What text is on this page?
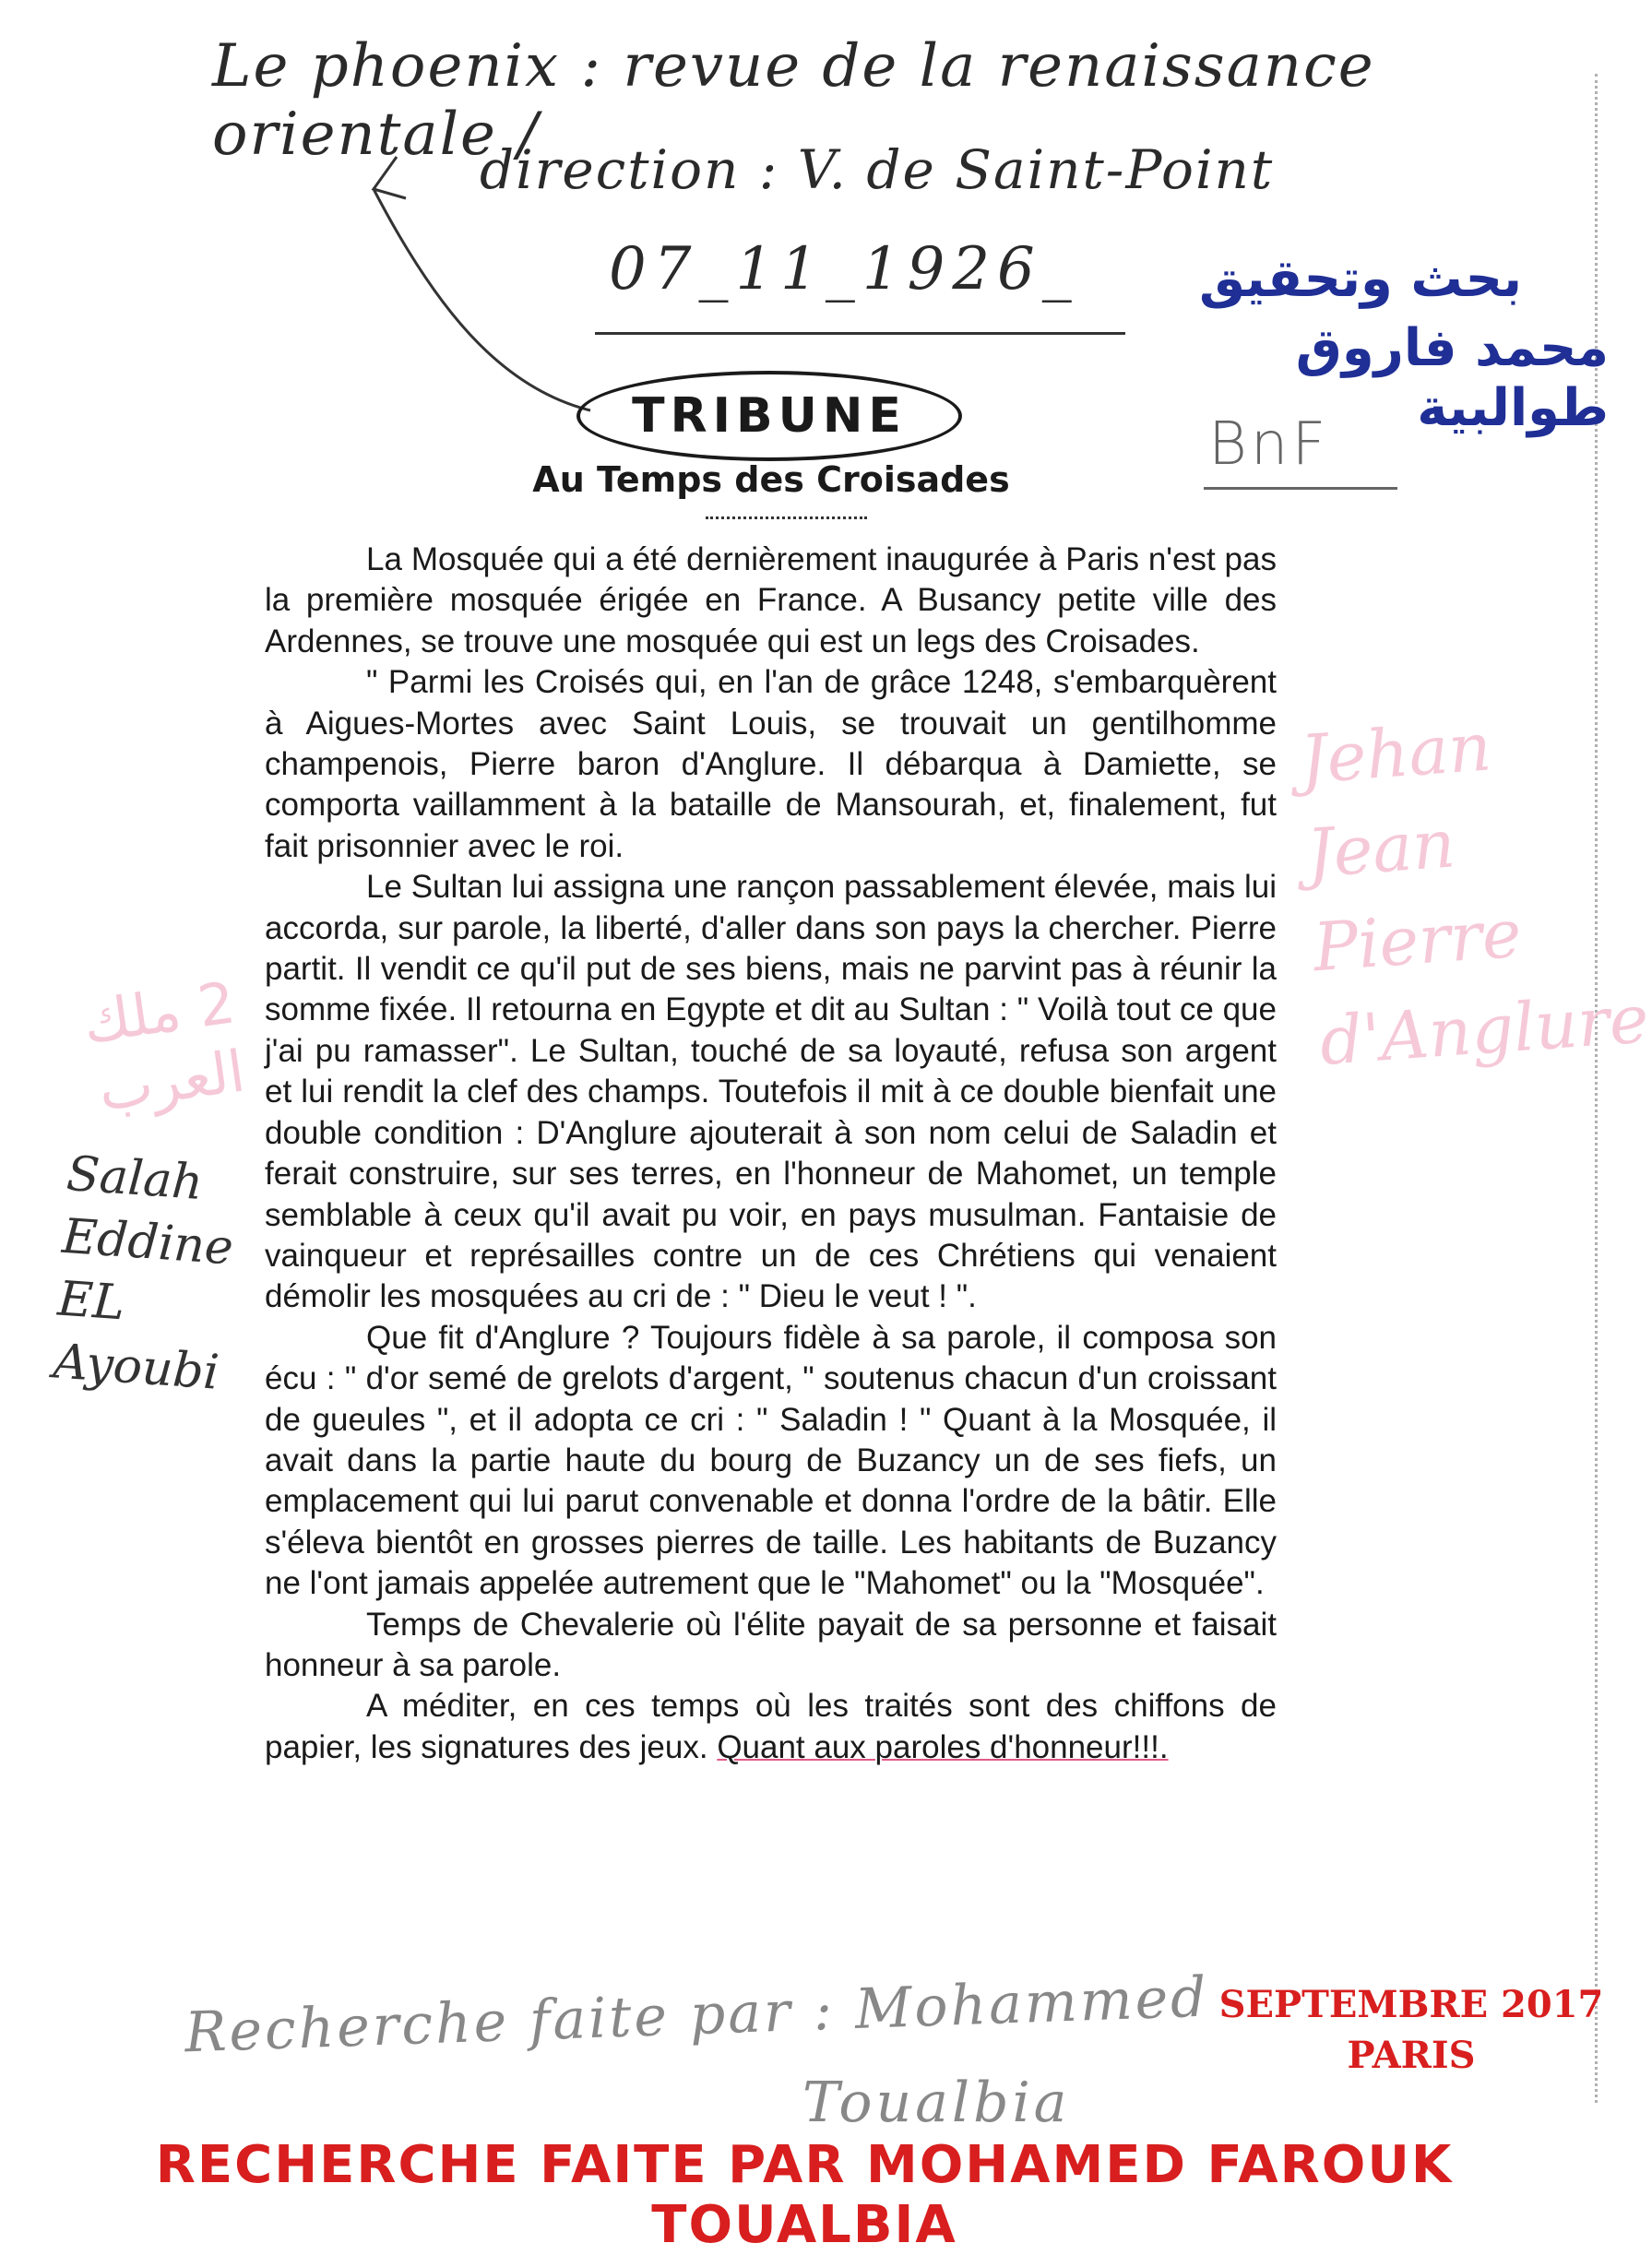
Le phoenix : revue de la renaissance orientale /
direction : V. de Saint-Point
07_11_1926_ بحث وتحقيق
محمد فاروق طوالبية
BnF
TRIBUNE
Au Temps des Croisades
Jehan
Jean
Pierre
d'Anglure
2 ملك
العرب
Salah
Eddine
EL
Ayoubi

La Mosquée qui a été dernièrement inaugurée à Paris n'est pas la première mosquée érigée en France. A Busancy petite ville des Ardennes, se trouve une mosquée qui est un legs des Croisades.

" Parmi les Croisés qui, en l'an de grâce 1248, s'embarquèrent à Aigues-Mortes avec Saint Louis, se trouvait un gentilhomme champenois, Pierre baron d'Anglure. Il débarqua à Damiette, se comporta vaillamment à la bataille de Mansourah, et, finalement, fut fait prisonnier avec le roi.

Le Sultan lui assigna une rançon passablement élevée, mais lui accorda, sur parole, la liberté, d'aller dans son pays la chercher. Pierre partit. Il vendit ce qu'il put de ses biens, mais ne parvint pas à réunir la somme fixée. Il retourna en Egypte et dit au Sultan : " Voilà tout ce que j'ai pu ramasser". Le Sultan, touché de sa loyauté, refusa son argent et lui rendit la clef des champs. Toutefois il mit à ce double bienfait une double condition : D'Anglure ajouterait à son nom celui de Saladin et ferait construire, sur ses terres, en l'honneur de Mahomet, un temple semblable à ceux qu'il avait pu voir, en pays musulman. Fantaisie de vainqueur et représailles contre un de ces Chrétiens qui venaient démolir les mosquées au cri de : " Dieu le veut ! ".

Que fit d'Anglure ? Toujours fidèle à sa parole, il composa son écu : " d'or semé de grelots d'argent, " soutenus chacun d'un croissant de gueules ", et il adopta ce cri : " Saladin ! " Quant à la Mosquée, il avait dans la partie haute du bourg de Buzancy un de ses fiefs, un emplacement qui lui parut convenable et donna l'ordre de la bâtir. Elle s'éleva bientôt en grosses pierres de taille. Les habitants de Buzancy ne l'ont jamais appelée autrement que le "Mahomet" ou la "Mosquée".

Temps de Chevalerie où l'élite payait de sa personne et faisait honneur à sa parole.

A méditer, en ces temps où les traités sont des chiffons de papier, les signatures des jeux. Quant aux paroles d'honneur!!!.

Recherche faite par : Mohammed
Toualbia
SEPTEMBRE 2017
PARIS
RECHERCHE FAITE PAR MOHAMED FAROUK TOUALBIA
